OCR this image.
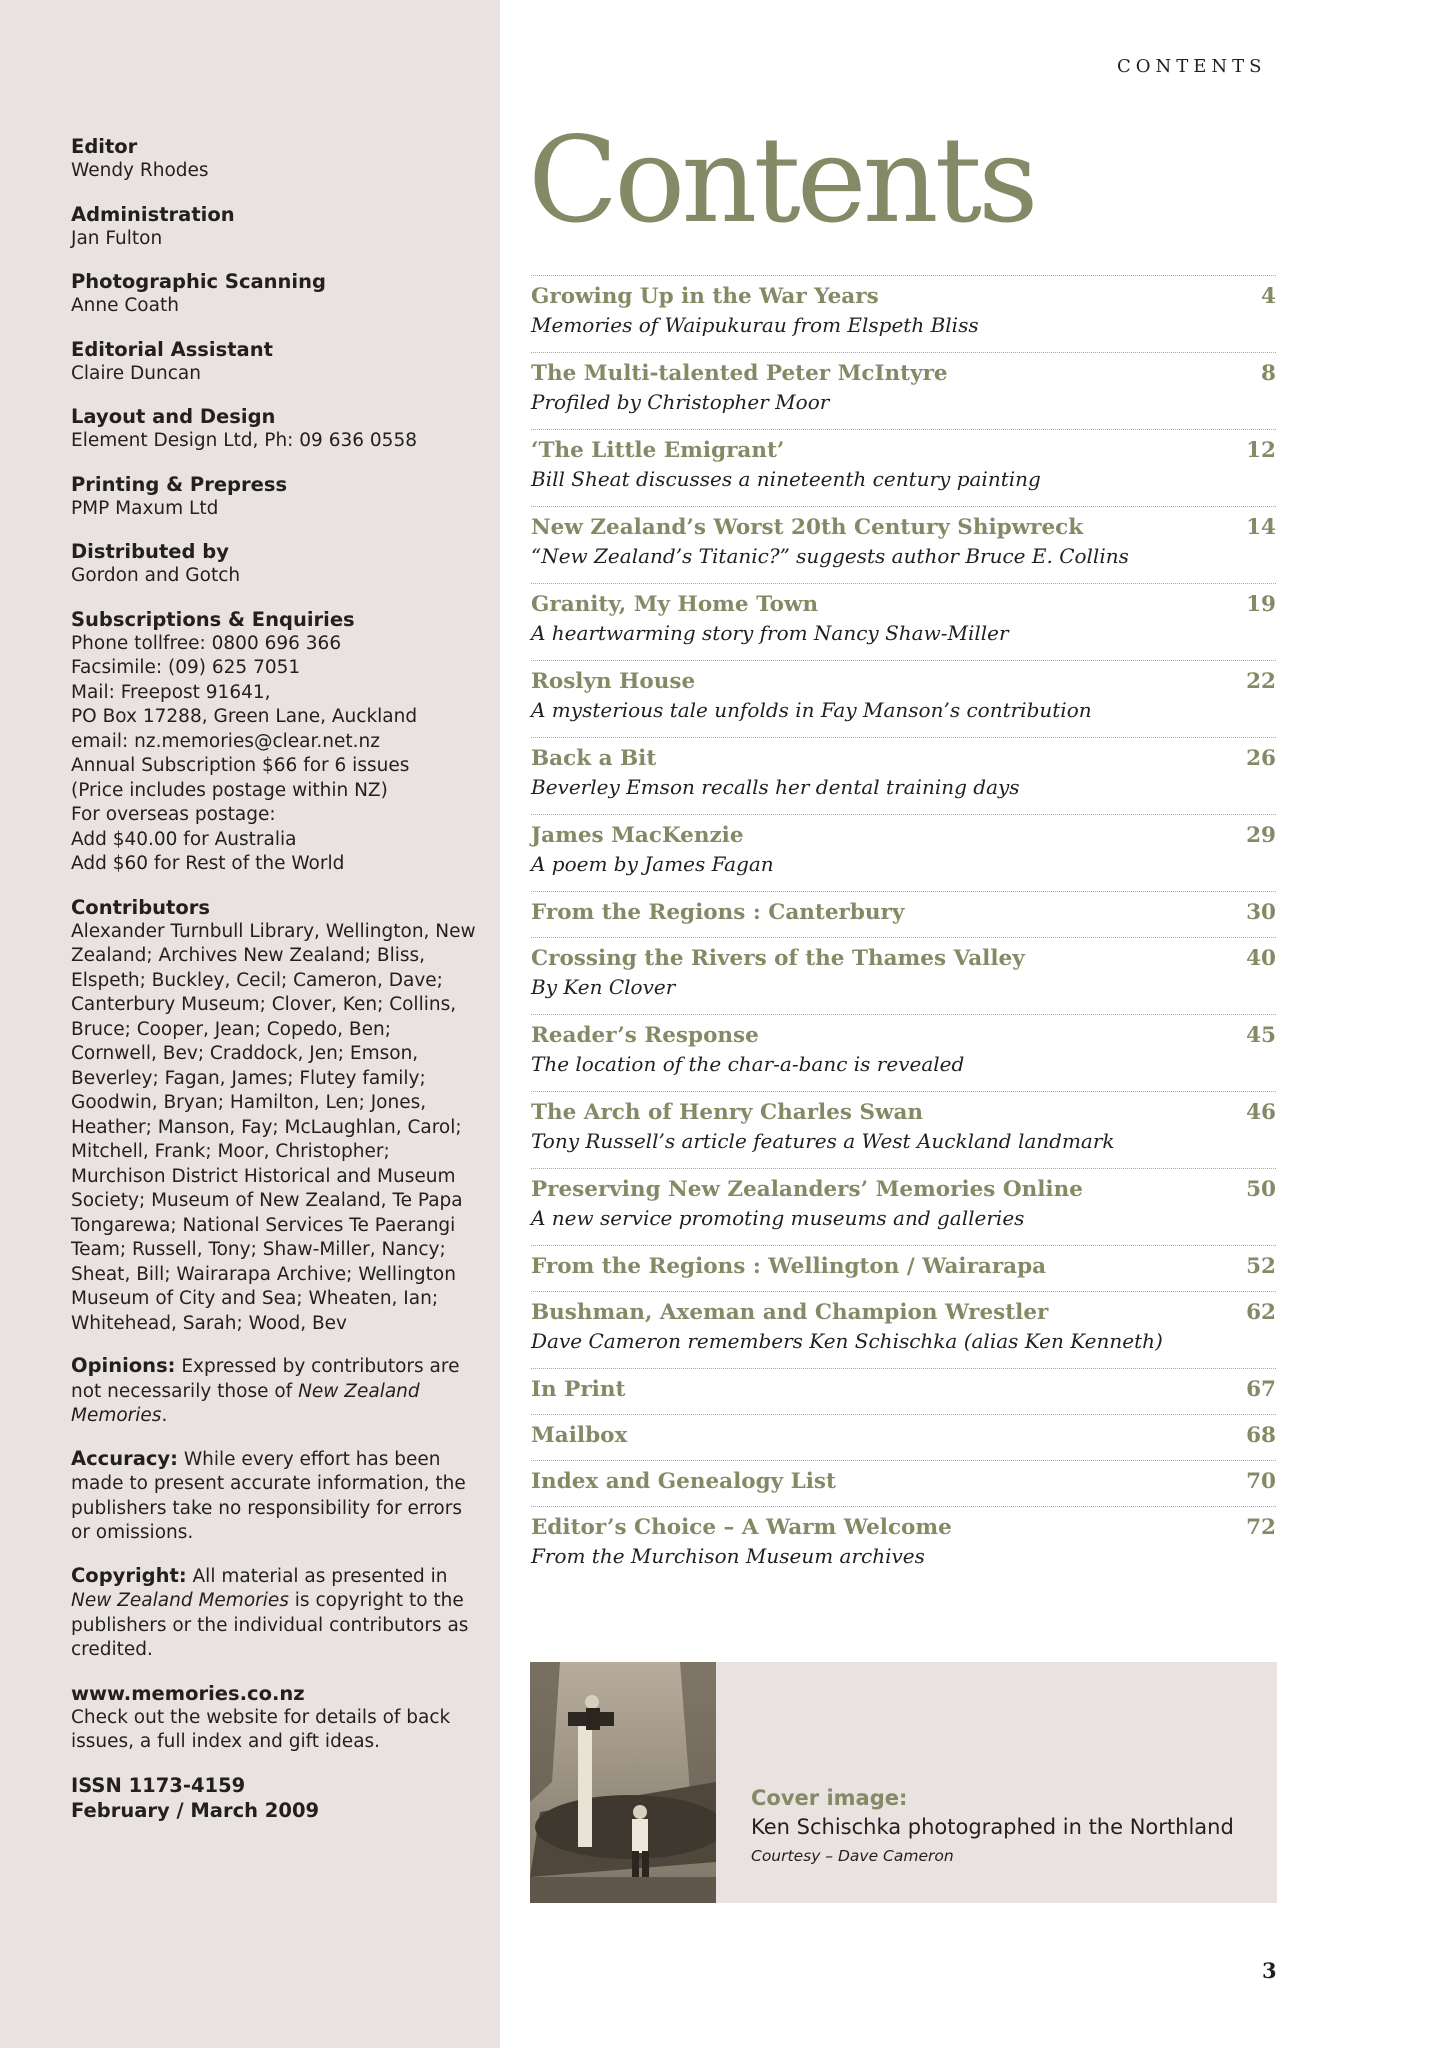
Editor
Wendy Rhodes
Administration
Jan Fulton
Photographic Scanning
Anne Coath
Editorial Assistant
Claire Duncan
Layout and Design
Element Design Ltd, Ph: 09 636 0558
Printing & Prepress
PMP Maxum Ltd
Distributed by
Gordon and Gotch
Subscriptions & Enquiries
Phone tollfree: 0800 696 366
Facsimile: (09) 625 7051
Mail: Freepost 91641,
PO Box 17288, Green Lane, Auckland
email: nz.memories@clear.net.nz
Annual Subscription $66 for 6 issues
(Price includes postage within NZ)
For overseas postage:
Add $40.00 for Australia
Add $60 for Rest of the World
Contributors
Alexander Turnbull Library, Wellington, New Zealand; Archives New Zealand; Bliss, Elspeth; Buckley, Cecil; Cameron, Dave; Canterbury Museum; Clover, Ken; Collins, Bruce; Cooper, Jean; Copedo, Ben; Cornwell, Bev; Craddock, Jen; Emson, Beverley; Fagan, James; Flutey family; Goodwin, Bryan; Hamilton, Len; Jones, Heather; Manson, Fay; McLaughlan, Carol; Mitchell, Frank; Moor, Christopher; Murchison District Historical and Museum Society; Museum of New Zealand, Te Papa Tongarewa; National Services Te Paerangi Team; Russell, Tony; Shaw-Miller, Nancy; Sheat, Bill; Wairarapa Archive; Wellington Museum of City and Sea; Wheaten, Ian; Whitehead, Sarah; Wood, Bev
Opinions: Expressed by contributors are not necessarily those of New Zealand Memories.
Accuracy: While every effort has been made to present accurate information, the publishers take no responsibility for errors or omissions.
Copyright: All material as presented in New Zealand Memories is copyright to the publishers or the individual contributors as credited.
www.memories.co.nz
Check out the website for details of back issues, a full index and gift ideas.
ISSN 1173-4159
February / March 2009
CONTENTS
Contents
Growing Up in the War Years	4
Memories of Waipukurau from Elspeth Bliss
The Multi-talented Peter McIntyre	8
Profiled by Christopher Moor
‘The Little Emigrant’	12
Bill Sheat discusses a nineteenth century painting
New Zealand’s Worst 20th Century Shipwreck	14
“New Zealand’s Titanic?” suggests author Bruce E. Collins
Granity, My Home Town	19
A heartwarming story from Nancy Shaw-Miller
Roslyn House	22
A mysterious tale unfolds in Fay Manson’s contribution
Back a Bit	26
Beverley Emson recalls her dental training days
James MacKenzie	29
A poem by James Fagan
From the Regions : Canterbury	30
Crossing the Rivers of the Thames Valley	40
By Ken Clover
Reader’s Response	45
The location of the char-a-banc is revealed
The Arch of Henry Charles Swan	46
Tony Russell’s article features a West Auckland landmark
Preserving New Zealanders’ Memories Online	50
A new service promoting museums and galleries
From the Regions : Wellington / Wairarapa	52
Bushman, Axeman and Champion Wrestler	62
Dave Cameron remembers Ken Schischka (alias Ken Kenneth)
In Print	67
Mailbox	68
Index and Genealogy List	70
Editor’s Choice – A Warm Welcome	72
From the Murchison Museum archives
Cover image:
Ken Schischka photographed in the Northland
Courtesy – Dave Cameron
3
